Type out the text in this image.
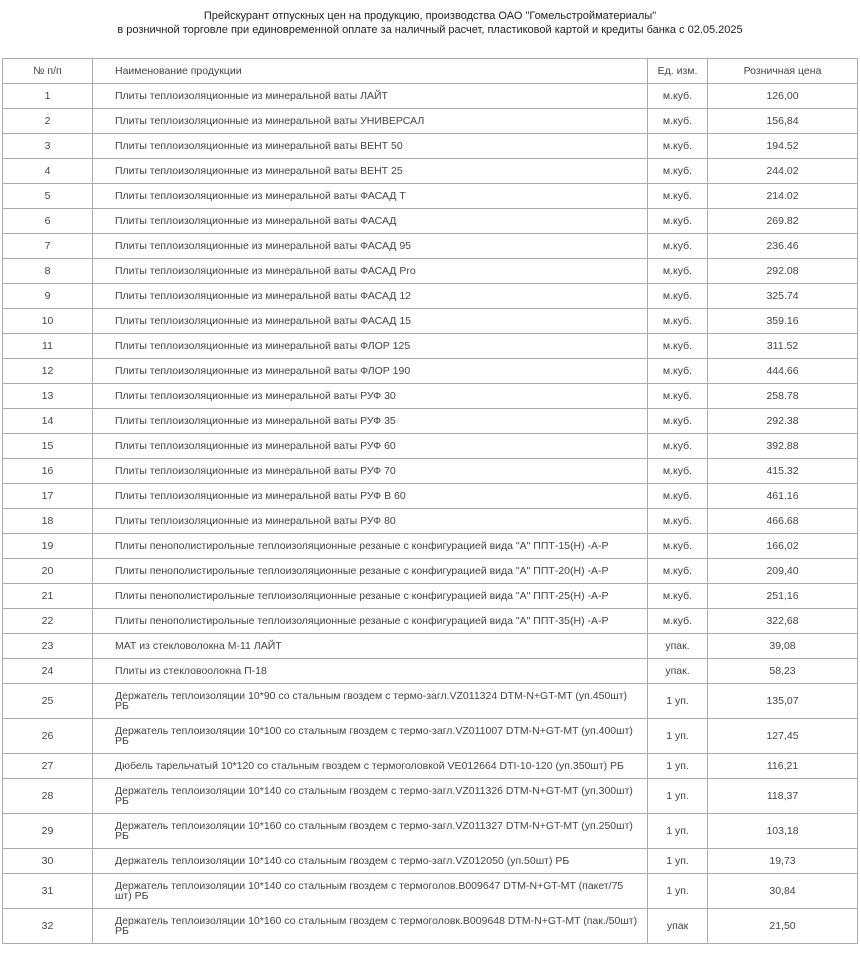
Прейскурант отпускных цен на продукцию, производства ОАО "Гомельстройматериалы"
в розничной торговле при единовременной оплате за наличный расчет, пластиковой картой и кредиты банка с 02.05.2025
№ п/п	Наименование продукции	Ед. изм.	Розничная цена
1	Плиты теплоизоляционные из минеральной ваты ЛАЙТ	м.куб.	126,00
2	Плиты теплоизоляционные из минеральной ваты УНИВЕРСАЛ	м.куб.	156,84
3	Плиты теплоизоляционные из минеральной ваты ВЕНТ 50	м.куб.	194.52
4	Плиты теплоизоляционные из минеральной ваты ВЕНТ 25	м.куб.	244.02
5	Плиты теплоизоляционные из минеральной ваты ФАСАД Т	м.куб.	214.02
6	Плиты теплоизоляционные из минеральной ваты ФАСАД	м.куб.	269.82
7	Плиты теплоизоляционные из минеральной ваты ФАСАД 95	м.куб.	236.46
8	Плиты теплоизоляционные из минеральной ваты ФАСАД Pro	м.куб.	292.08
9	Плиты теплоизоляционные из минеральной ваты ФАСАД 12	м.куб.	325.74
10	Плиты теплоизоляционные из минеральной ваты ФАСАД 15	м.куб.	359.16
11	Плиты теплоизоляционные из минеральной ваты ФЛОР 125	м.куб.	311.52
12	Плиты теплоизоляционные из минеральной ваты ФЛОР 190	м.куб.	444.66
13	Плиты теплоизоляционные из минеральной ваты РУФ 30	м.куб.	258.78
14	Плиты теплоизоляционные из минеральной ваты РУФ 35	м.куб.	292.38
15	Плиты теплоизоляционные из минеральной ваты РУФ 60	м.куб.	392.88
16	Плиты теплоизоляционные из минеральной ваты РУФ 70	м.куб.	415.32
17	Плиты теплоизоляционные из минеральной ваты РУФ В 60	м.куб.	461.16
18	Плиты теплоизоляционные из минеральной ваты РУФ 80	м.куб.	466.68
19	Плиты пенополистирольные теплоизоляционные резаные с конфигурацией вида "А" ППТ-15(Н) -А-Р	м.куб.	166,02
20	Плиты пенополистирольные теплоизоляционные резаные с конфигурацией вида "А" ППТ-20(Н) -А-Р	м.куб.	209,40
21	Плиты пенополистирольные теплоизоляционные резаные с конфигурацией вида "А" ППТ-25(Н) -А-Р	м.куб.	251,16
22	Плиты пенополистирольные теплоизоляционные резаные с конфигурацией вида "А" ППТ-35(Н) -А-Р	м.куб.	322,68
23	МАТ из стекловолокна М-11 ЛАЙТ	упак.	39,08
24	Плиты из стекловоолокна П-18	упак.	58,23
25	Держатель теплоизоляции 10*90 со стальным гвоздем с термо-загл.VZ011324 DTM-N+GT-MT (уп.450шт) РБ	1 уп.	135,07
26	Держатель теплоизоляции 10*100 со стальным гвоздем с термо-загл.VZ011007 DTM-N+GT-MT (уп.400шт) РБ	1 уп.	127,45
27	Дюбель тарельчатый 10*120 со стальным гвоздем с термоголовкой VE012664 DTI-10-120 (уп.350шт) РБ	1 уп.	116,21
28	Держатель теплоизоляции 10*140 со стальным гвоздем с термо-загл.VZ011326 DTM-N+GT-MT (уп.300шт) РБ	1 уп.	118,37
29	Держатель теплоизоляции 10*160 со стальным гвоздем с термо-загл.VZ011327 DTM-N+GT-MT (уп.250шт) РБ	1 уп.	103,18
30	Держатель теплоизоляции 10*140 со стальным гвоздем с термо-загл.VZ012050 (уп.50шт) РБ	1 уп.	19,73
31	Держатель теплоизоляции 10*140 со стальным гвоздем с термоголов.В009647 DTM-N+GT-MT (пакет/75 шт) РБ	1 уп.	30,84
32	Держатель теплоизоляции 10*160 со стальным гвоздем с термоголовк.В009648 DTM-N+GT-MT (пак./50шт) РБ	упак	21,50
